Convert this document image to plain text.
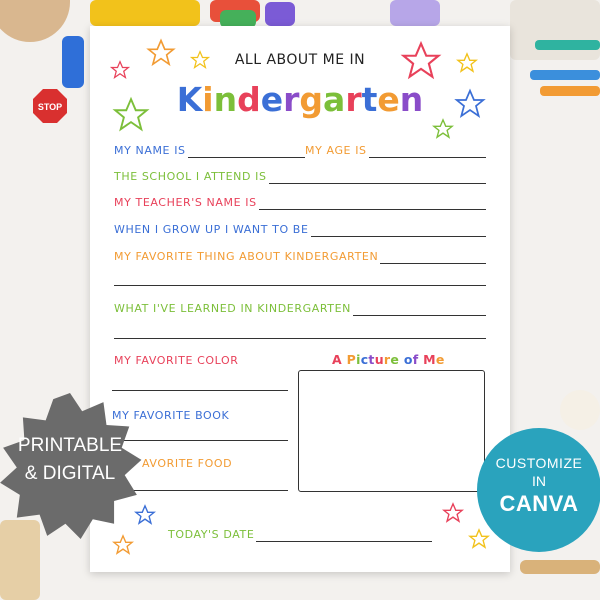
STOP
ALL ABOUT ME IN
Kindergarten
MY NAME IS	MY AGE IS
THE SCHOOL I ATTEND IS
MY TEACHER'S NAME IS
WHEN I GROW UP I WANT TO BE
MY FAVORITE THING ABOUT KINDERGARTEN
WHAT I'VE LEARNED IN KINDERGARTEN
MY FAVORITE COLOR
MY FAVORITE BOOK
AVORITE FOOD
A Picture of Me
TODAY'S DATE
PRINTABLE
& DIGITAL	CUSTOMIZE
IN
CANVA
